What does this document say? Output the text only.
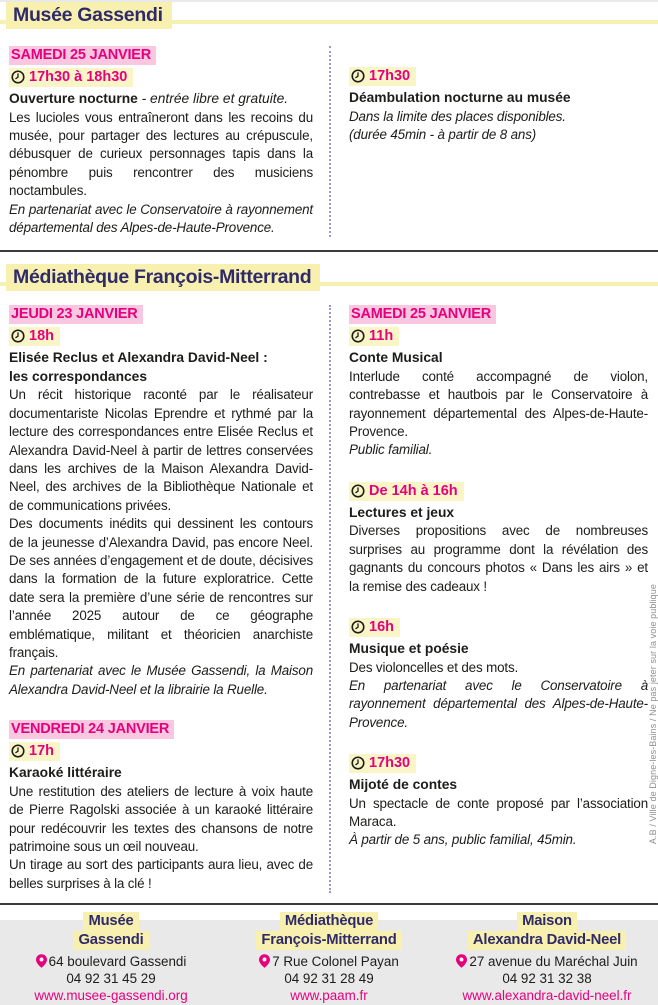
Musée Gassendi
SAMEDI 25 JANVIER
17h30 à 18h30
Ouverture nocturne - entrée libre et gratuite.

Les lucioles vous entraîneront dans les recoins du musée, pour partager des lectures au crépuscule, débusquer de curieux personnages tapis dans la pénombre puis rencontrer des musiciens noctambules.

En partenariat avec le Conservatoire à rayonnement départemental des Alpes-de-Haute-Provence.

17h30
Déambulation nocturne au musée

Dans la limite des places disponibles.

(durée 45min - à partir de 8 ans)

Médiathèque François-Mitterrand
JEUDI 23 JANVIER
18h
Elisée Reclus et Alexandra David-Neel :
les correspondances

Un récit historique raconté par le réalisateur documentariste Nicolas Eprendre et rythmé par la lecture des correspondances entre Elisée Reclus et Alexandra David-Neel à partir de lettres conservées dans les archives de la Maison Alexandra David-Neel, des archives de la Bibliothèque Nationale et de communications privées.

Des documents inédits qui dessinent les contours de la jeunesse d’Alexandra David, pas encore Neel. De ses années d’engagement et de doute, décisives dans la formation de la future exploratrice. Cette date sera la première d’une série de rencontres sur l’année 2025 autour de ce géographe emblématique, militant et théoricien anarchiste français.

En partenariat avec le Musée Gassendi, la Maison Alexandra David-Neel et la librairie la Ruelle.

VENDREDI 24 JANVIER
17h
Karaoké littéraire

Une restitution des ateliers de lecture à voix haute de Pierre Ragolski associée à un karaoké littéraire pour redécouvrir les textes des chansons de notre patrimoine sous un œil nouveau.

Un tirage au sort des participants aura lieu, avec de belles surprises à la clé !

SAMEDI 25 JANVIER
11h
Conte Musical

Interlude conté accompagné de violon, contrebasse et hautbois par le Conservatoire à rayonnement départemental des Alpes-de-Haute-Provence.

Public familial.

De 14h à 16h
Lectures et jeux

Diverses propositions avec de nombreuses surprises au programme dont la révélation des gagnants du concours photos « Dans les airs » et la remise des cadeaux !

16h
Musique et poésie

Des violoncelles et des mots.

En partenariat avec le Conservatoire à rayonnement départemental des Alpes-de-Haute-Provence.

17h30
Mijoté de contes

Un spectacle de conte proposé par l’association Maraca.

À partir de 5 ans, public familial, 45min.

Musée
Gassendi
64 boulevard Gassendi
04 92 31 45 29
www.musee-gassendi.org
Médiathèque
François-Mitterrand
7 Rue Colonel Payan
04 92 31 28 49
www.paam.fr
Maison
Alexandra David-Neel
27 avenue du Maréchal Juin
04 92 31 32 38
www.alexandra-david-neel.fr
A.B / Ville de Digne-les-Bains / Ne pas jeter sur la voie publique
